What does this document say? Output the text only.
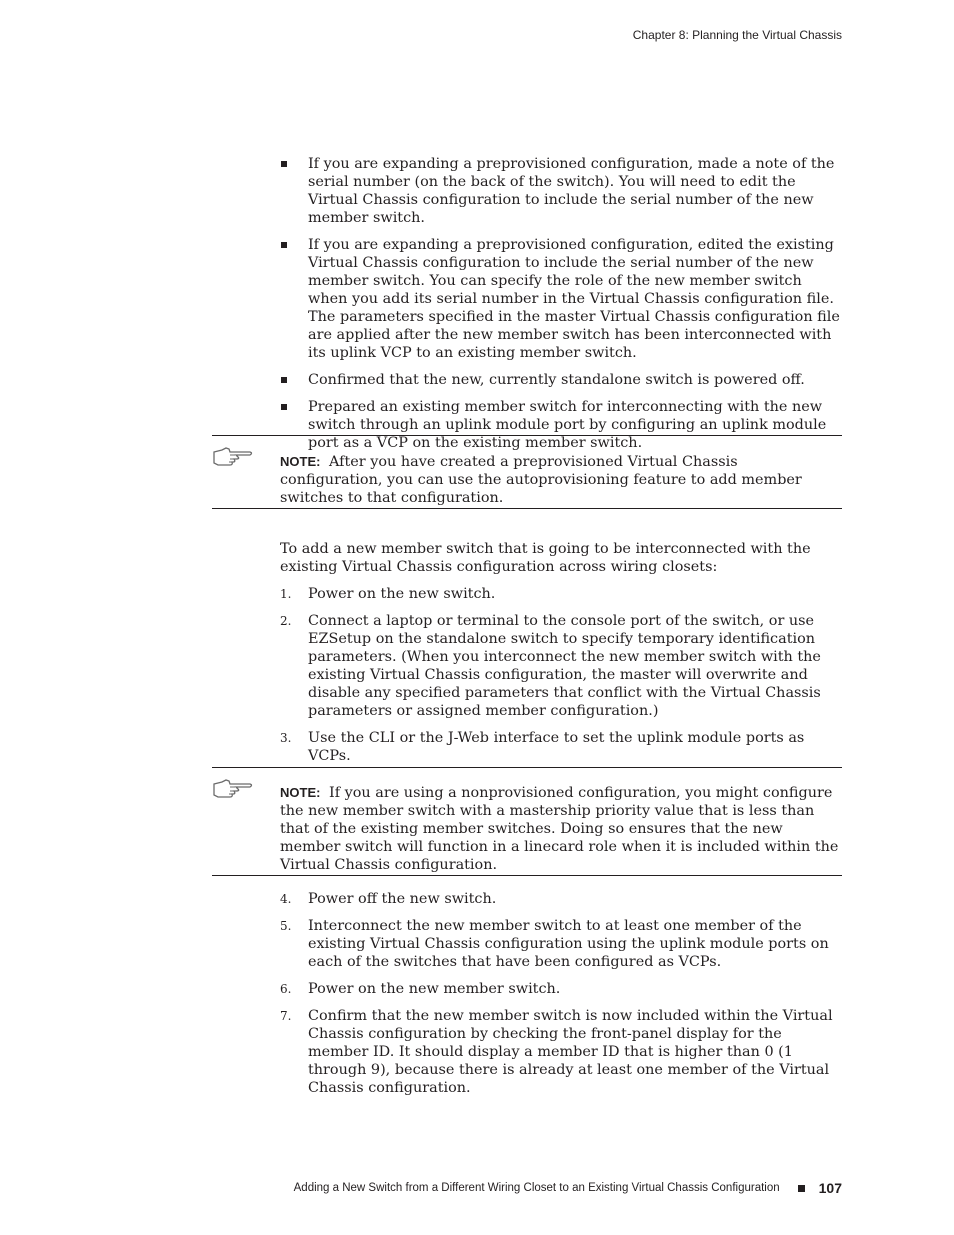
Chapter 8: Planning the Virtual Chassis
If you are expanding a preprovisioned configuration, made a note of the serial number (on the back of the switch). You will need to edit the Virtual Chassis configuration to include the serial number of the new member switch.
If you are expanding a preprovisioned configuration, edited the existing Virtual Chassis configuration to include the serial number of the new member switch. You can specify the role of the new member switch when you add its serial number in the Virtual Chassis configuration file. The parameters specified in the master Virtual Chassis configuration file are applied after the new member switch has been interconnected with its uplink VCP to an existing member switch.
Confirmed that the new, currently standalone switch is powered off.
Prepared an existing member switch for interconnecting with the new switch through an uplink module port by configuring an uplink module port as a VCP on the existing member switch.
NOTE: After you have created a preprovisioned Virtual Chassis configuration, you can use the autoprovisioning feature to add member switches to that configuration.

To add a new member switch that is going to be interconnected with the existing Virtual Chassis configuration across wiring closets:

1. Power on the new switch.
2. Connect a laptop or terminal to the console port of the switch, or use EZSetup on the standalone switch to specify temporary identification parameters. (When you interconnect the new member switch with the existing Virtual Chassis configuration, the master will overwrite and disable any specified parameters that conflict with the Virtual Chassis parameters or assigned member configuration.)
3. Use the CLI or the J-Web interface to set the uplink module ports as VCPs.
NOTE: If you are using a nonprovisioned configuration, you might configure the new member switch with a mastership priority value that is less than that of the existing member switches. Doing so ensures that the new member switch will function in a linecard role when it is included within the Virtual Chassis configuration.
4. Power off the new switch.
5. Interconnect the new member switch to at least one member of the existing Virtual Chassis configuration using the uplink module ports on each of the switches that have been configured as VCPs.
6. Power on the new member switch.
7. Confirm that the new member switch is now included within the Virtual Chassis configuration by checking the front-panel display for the member ID. It should display a member ID that is higher than 0 (1 through 9), because there is already at least one member of the Virtual Chassis configuration.
Adding a New Switch from a Different Wiring Closet to an Existing Virtual Chassis Configuration	107
